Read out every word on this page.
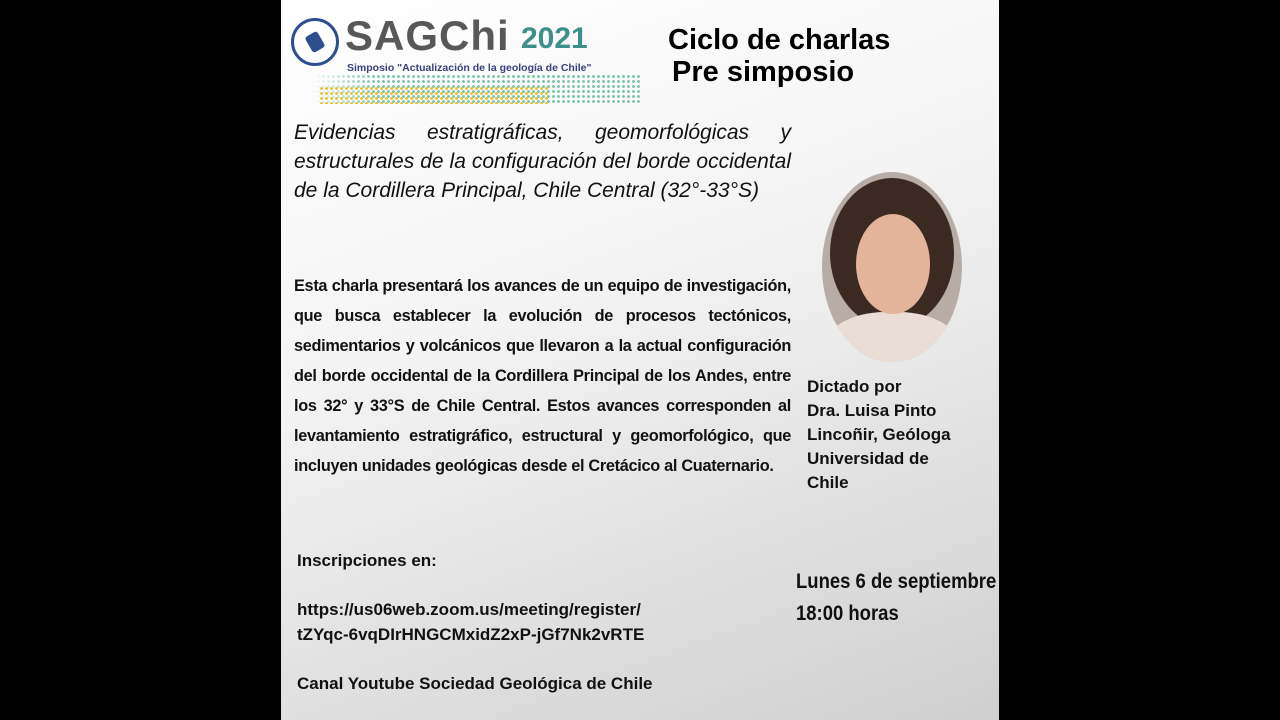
SAGChi 2021
Simposio "Actualización de la geología de Chile"
Ciclo de charlas
Pre simposio
Evidencias estratigráficas, geomorfológicas y estructurales de la configuración del borde occidental de la Cordillera Principal, Chile Central (32°-33°S)
Esta charla presentará los avances de un equipo de investigación, que busca establecer la evolución de procesos tectónicos, sedimentarios y volcánicos que llevaron a la actual configuración del borde occidental de la Cordillera Principal de los Andes, entre los 32° y 33°S de Chile Central. Estos avances corresponden al levantamiento estratigráfico, estructural y geomorfológico, que incluyen unidades geológicas desde el Cretácico al Cuaternario.
Dictado por
Dra. Luisa Pinto
Lincoñir, Geóloga
Universidad de
Chile
Inscripciones en:
https://us06web.zoom.us/meeting/register/
tZYqc-6vqDIrHNGCMxidZ2xP-jGf7Nk2vRTE
Canal Youtube Sociedad Geológica de Chile
Lunes 6 de septiembre
18:00 horas
